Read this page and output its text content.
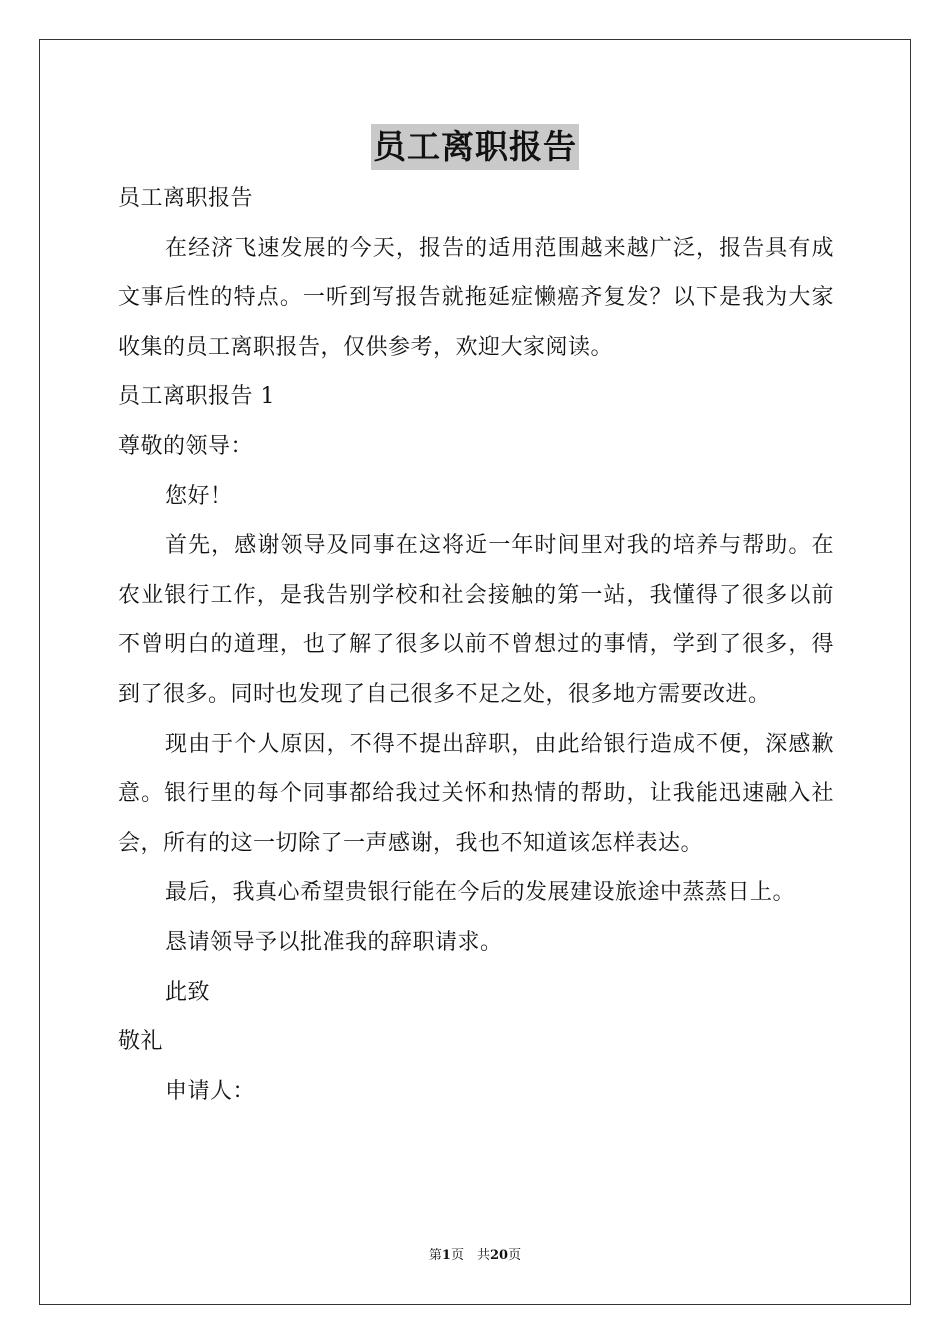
员工离职报告

员工离职报告

在经济飞速发展的今天，报告的适用范围越来越广泛，报告具有成文事后性的特点。一听到写报告就拖延症懒癌齐复发？以下是我为大家收集的员工离职报告，仅供参考，欢迎大家阅读。

员工离职报告 1

尊敬的领导：

您好！

首先，感谢领导及同事在这将近一年时间里对我的培养与帮助。在农业银行工作，是我告别学校和社会接触的第一站，我懂得了很多以前不曾明白的道理，也了解了很多以前不曾想过的事情，学到了很多，得到了很多。同时也发现了自己很多不足之处，很多地方需要改进。

现由于个人原因，不得不提出辞职，由此给银行造成不便，深感歉意。银行里的每个同事都给我过关怀和热情的帮助，让我能迅速融入社会，所有的这一切除了一声感谢，我也不知道该怎样表达。

最后，我真心希望贵银行能在今后的发展建设旅途中蒸蒸日上。

恳请领导予以批准我的辞职请求。

此致

敬礼

申请人：

第1页　共20页
